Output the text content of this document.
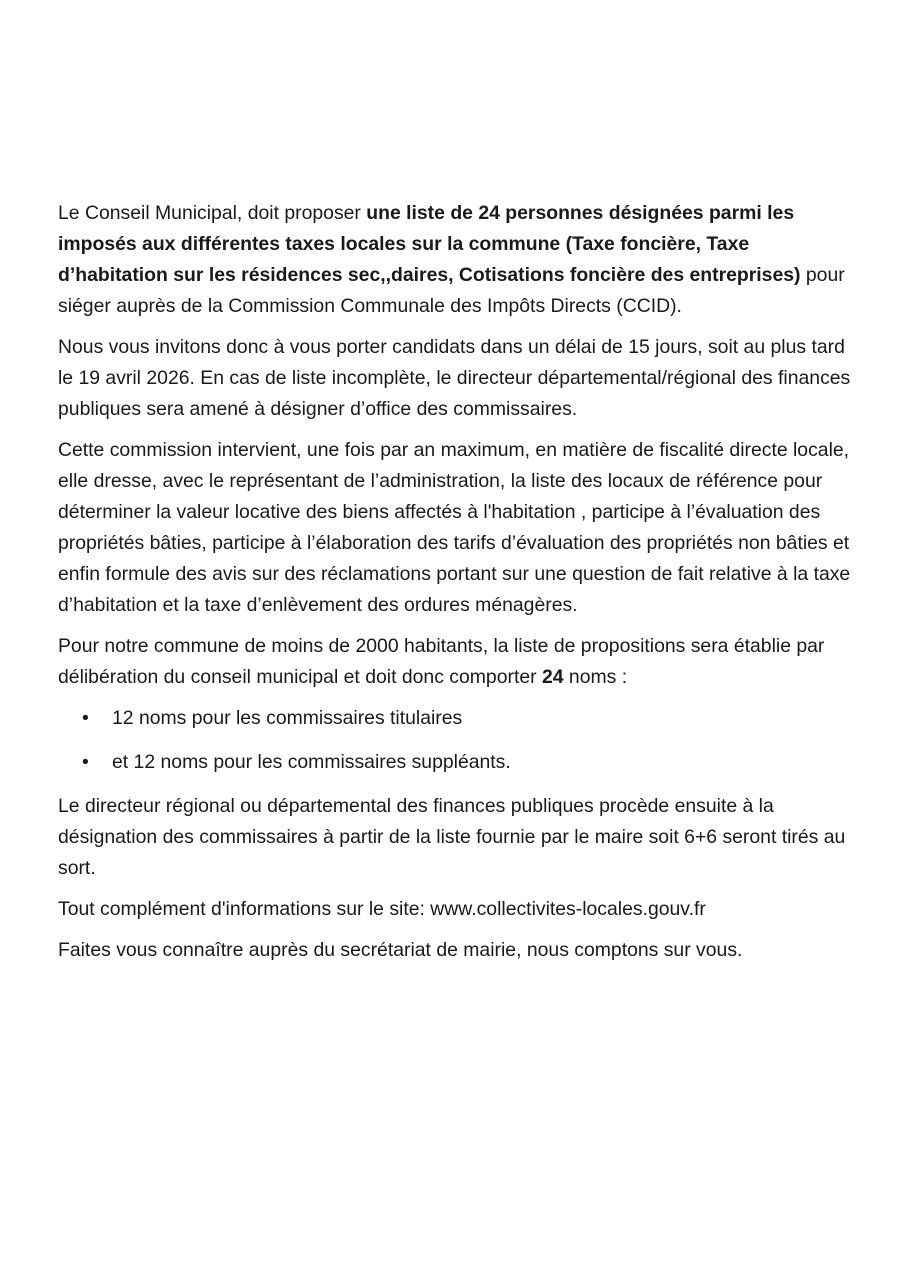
Le Conseil Municipal, doit proposer une liste de 24 personnes désignées parmi les imposés aux différentes taxes locales sur la commune (Taxe foncière, Taxe d’habitation sur les résidences sec,,daires, Cotisations foncière des entreprises) pour siéger auprès de la Commission Communale des Impôts Directs (CCID).

Nous vous invitons donc à vous porter candidats dans un délai de 15 jours, soit au plus tard le 19 avril 2026. En cas de liste incomplète, le directeur départemental/régional des finances publiques sera amené à désigner d’office des commissaires.

Cette commission intervient, une fois par an maximum, en matière de fiscalité directe locale, elle dresse, avec le représentant de l’administration, la liste des locaux de référence pour déterminer la valeur locative des biens affectés à l'habitation , participe à l’évaluation des propriétés bâties, participe à l’élaboration des tarifs d’évaluation des propriétés non bâties et enfin formule des avis sur des réclamations portant sur une question de fait relative à la taxe d’habitation et la taxe d’enlèvement des ordures ménagères.

Pour notre commune de moins de 2000 habitants, la liste de propositions sera établie par délibération du conseil municipal et doit donc comporter 24 noms :

• 12 noms pour les commissaires titulaires
• et 12 noms pour les commissaires suppléants.

Le directeur régional ou départemental des finances publiques procède ensuite à la désignation des commissaires à partir de la liste fournie par le maire soit 6+6 seront tirés au sort.

Tout complément d'informations sur le site: www.collectivites-locales.gouv.fr

Faites vous connaître auprès du secrétariat de mairie, nous comptons sur vous.
